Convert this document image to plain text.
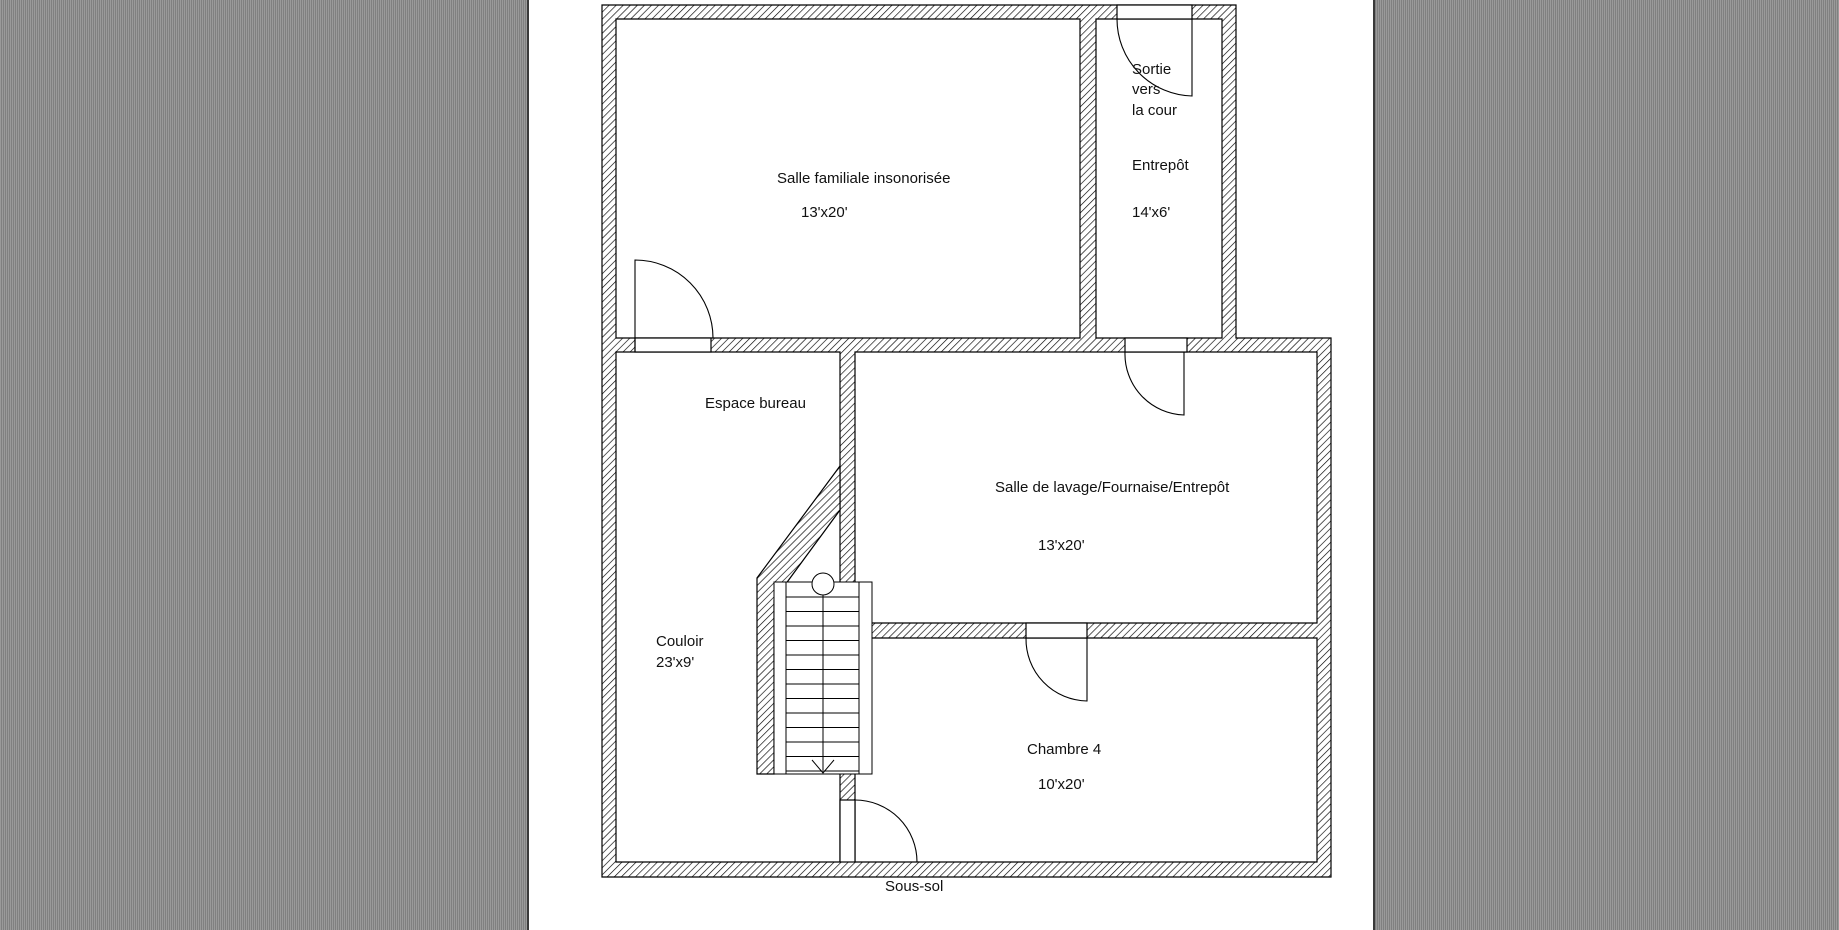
Salle familiale insonorisée
13'x20'
Sortie
vers
la cour
Entrepôt
14'x6'
Espace bureau
Couloir
23'x9'
Salle de lavage/Fournaise/Entrepôt
13'x20'
Chambre 4
10'x20'
Sous-sol
